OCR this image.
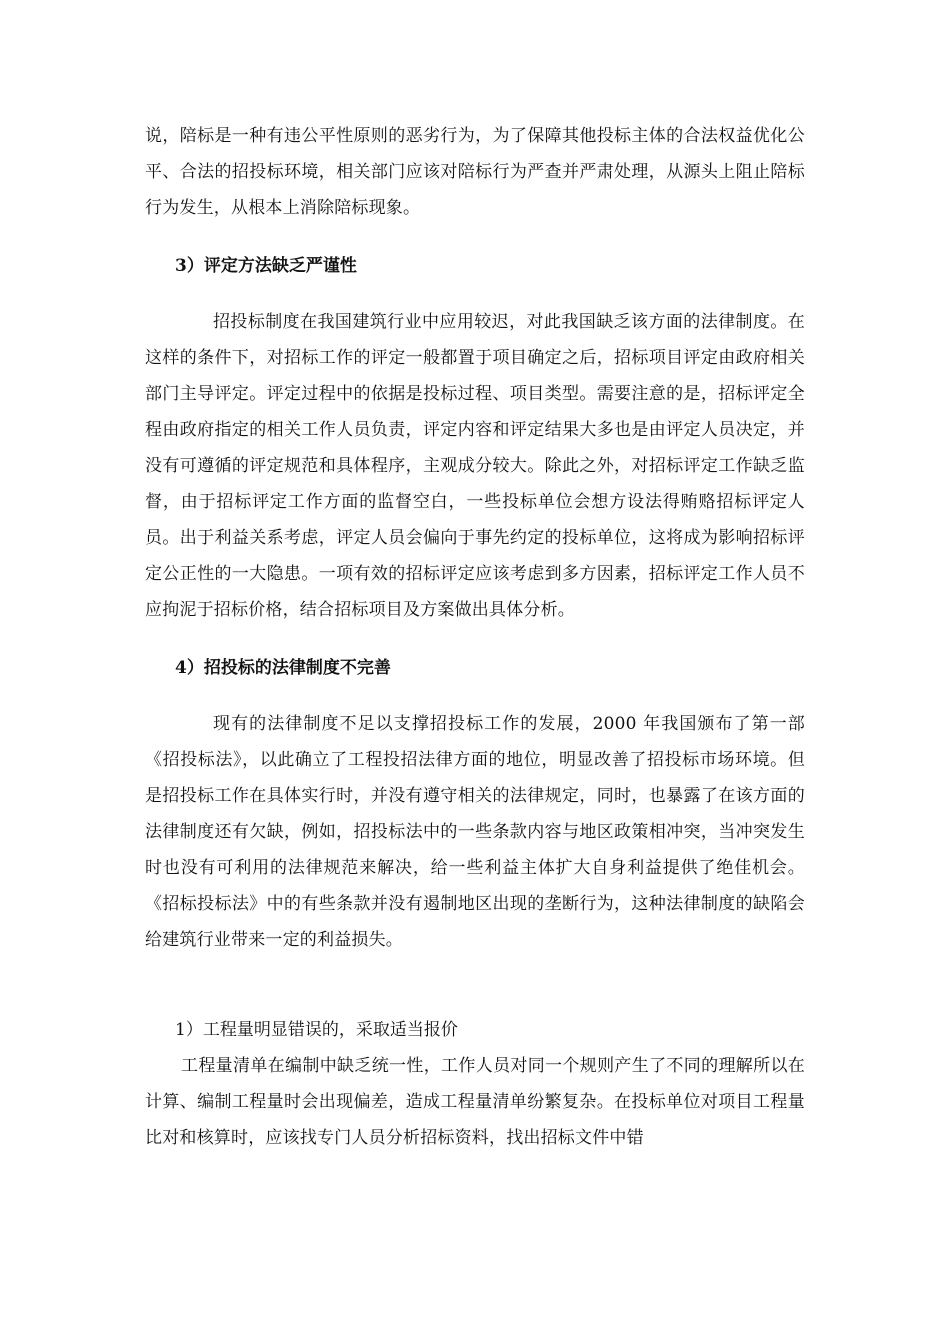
说，陪标是一种有违公平性原则的恶劣行为，为了保障其他投标主体的合法权益优化公平、合法的招投标环境，相关部门应该对陪标行为严查并严肃处理，从源头上阻止陪标行为发生，从根本上消除陪标现象。

3）评定方法缺乏严谨性

招投标制度在我国建筑行业中应用较迟，对此我国缺乏该方面的法律制度。在这样的条件下，对招标工作的评定一般都置于项目确定之后，招标项目评定由政府相关部门主导评定。评定过程中的依据是投标过程、项目类型。需要注意的是，招标评定全程由政府指定的相关工作人员负责，评定内容和评定结果大多也是由评定人员决定，并没有可遵循的评定规范和具体程序，主观成分较大。除此之外，对招标评定工作缺乏监督，由于招标评定工作方面的监督空白，一些投标单位会想方设法得贿赂招标评定人员。出于利益关系考虑，评定人员会偏向于事先约定的投标单位，这将成为影响招标评定公正性的一大隐患。一项有效的招标评定应该考虑到多方因素，招标评定工作人员不应拘泥于招标价格，结合招标项目及方案做出具体分析。

4）招投标的法律制度不完善

现有的法律制度不足以支撑招投标工作的发展，2000 年我国颁布了第一部《招投标法》，以此确立了工程投招法律方面的地位，明显改善了招投标市场环境。但是招投标工作在具体实行时，并没有遵守相关的法律规定，同时，也暴露了在该方面的法律制度还有欠缺，例如，招投标法中的一些条款内容与地区政策相冲突，当冲突发生时也没有可利用的法律规范来解决，给一些利益主体扩大自身利益提供了绝佳机会。《招标投标法》中的有些条款并没有遏制地区出现的垄断行为，这种法律制度的缺陷会给建筑行业带来一定的利益损失。

1）工程量明显错误的，采取适当报价

工程量清单在编制中缺乏统一性，工作人员对同一个规则产生了不同的理解所以在计算、编制工程量时会出现偏差，造成工程量清单纷繁复杂。在投标单位对项目工程量比对和核算时，应该找专门人员分析招标资料，找出招标文件中错
